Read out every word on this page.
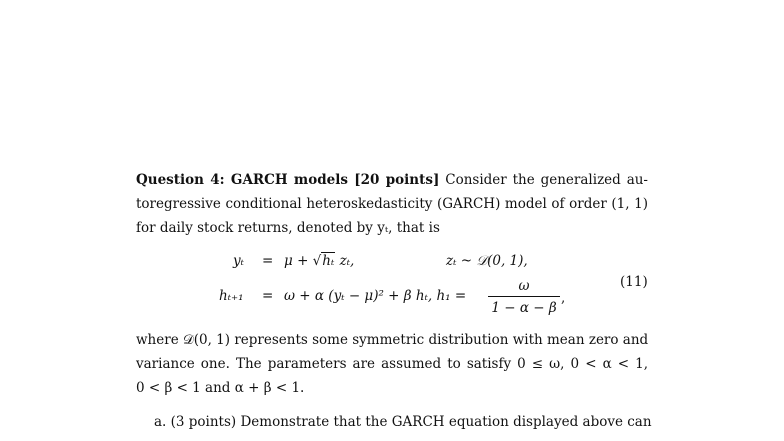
Question 4: GARCH models [20 points] Consider the generalized au-
toregressive conditional heteroskedasticity (GARCH) model of order (1, 1)
for daily stock returns, denoted by yₜ, that is
yₜ = μ + √hₜ zₜ,	zₜ ~ 𝒟(0, 1),
hₜ₊₁ = ω + α (yₜ − μ)² + β hₜ, h₁ =
ω
1 − α − β
,
(11)
where 𝒟(0, 1) represents some symmetric distribution with mean zero and
variance one. The parameters are assumed to satisfy 0 ≤ ω, 0 < α < 1,
0 < β < 1 and α + β < 1.
a. (3 points) Demonstrate that the GARCH equation displayed above can
